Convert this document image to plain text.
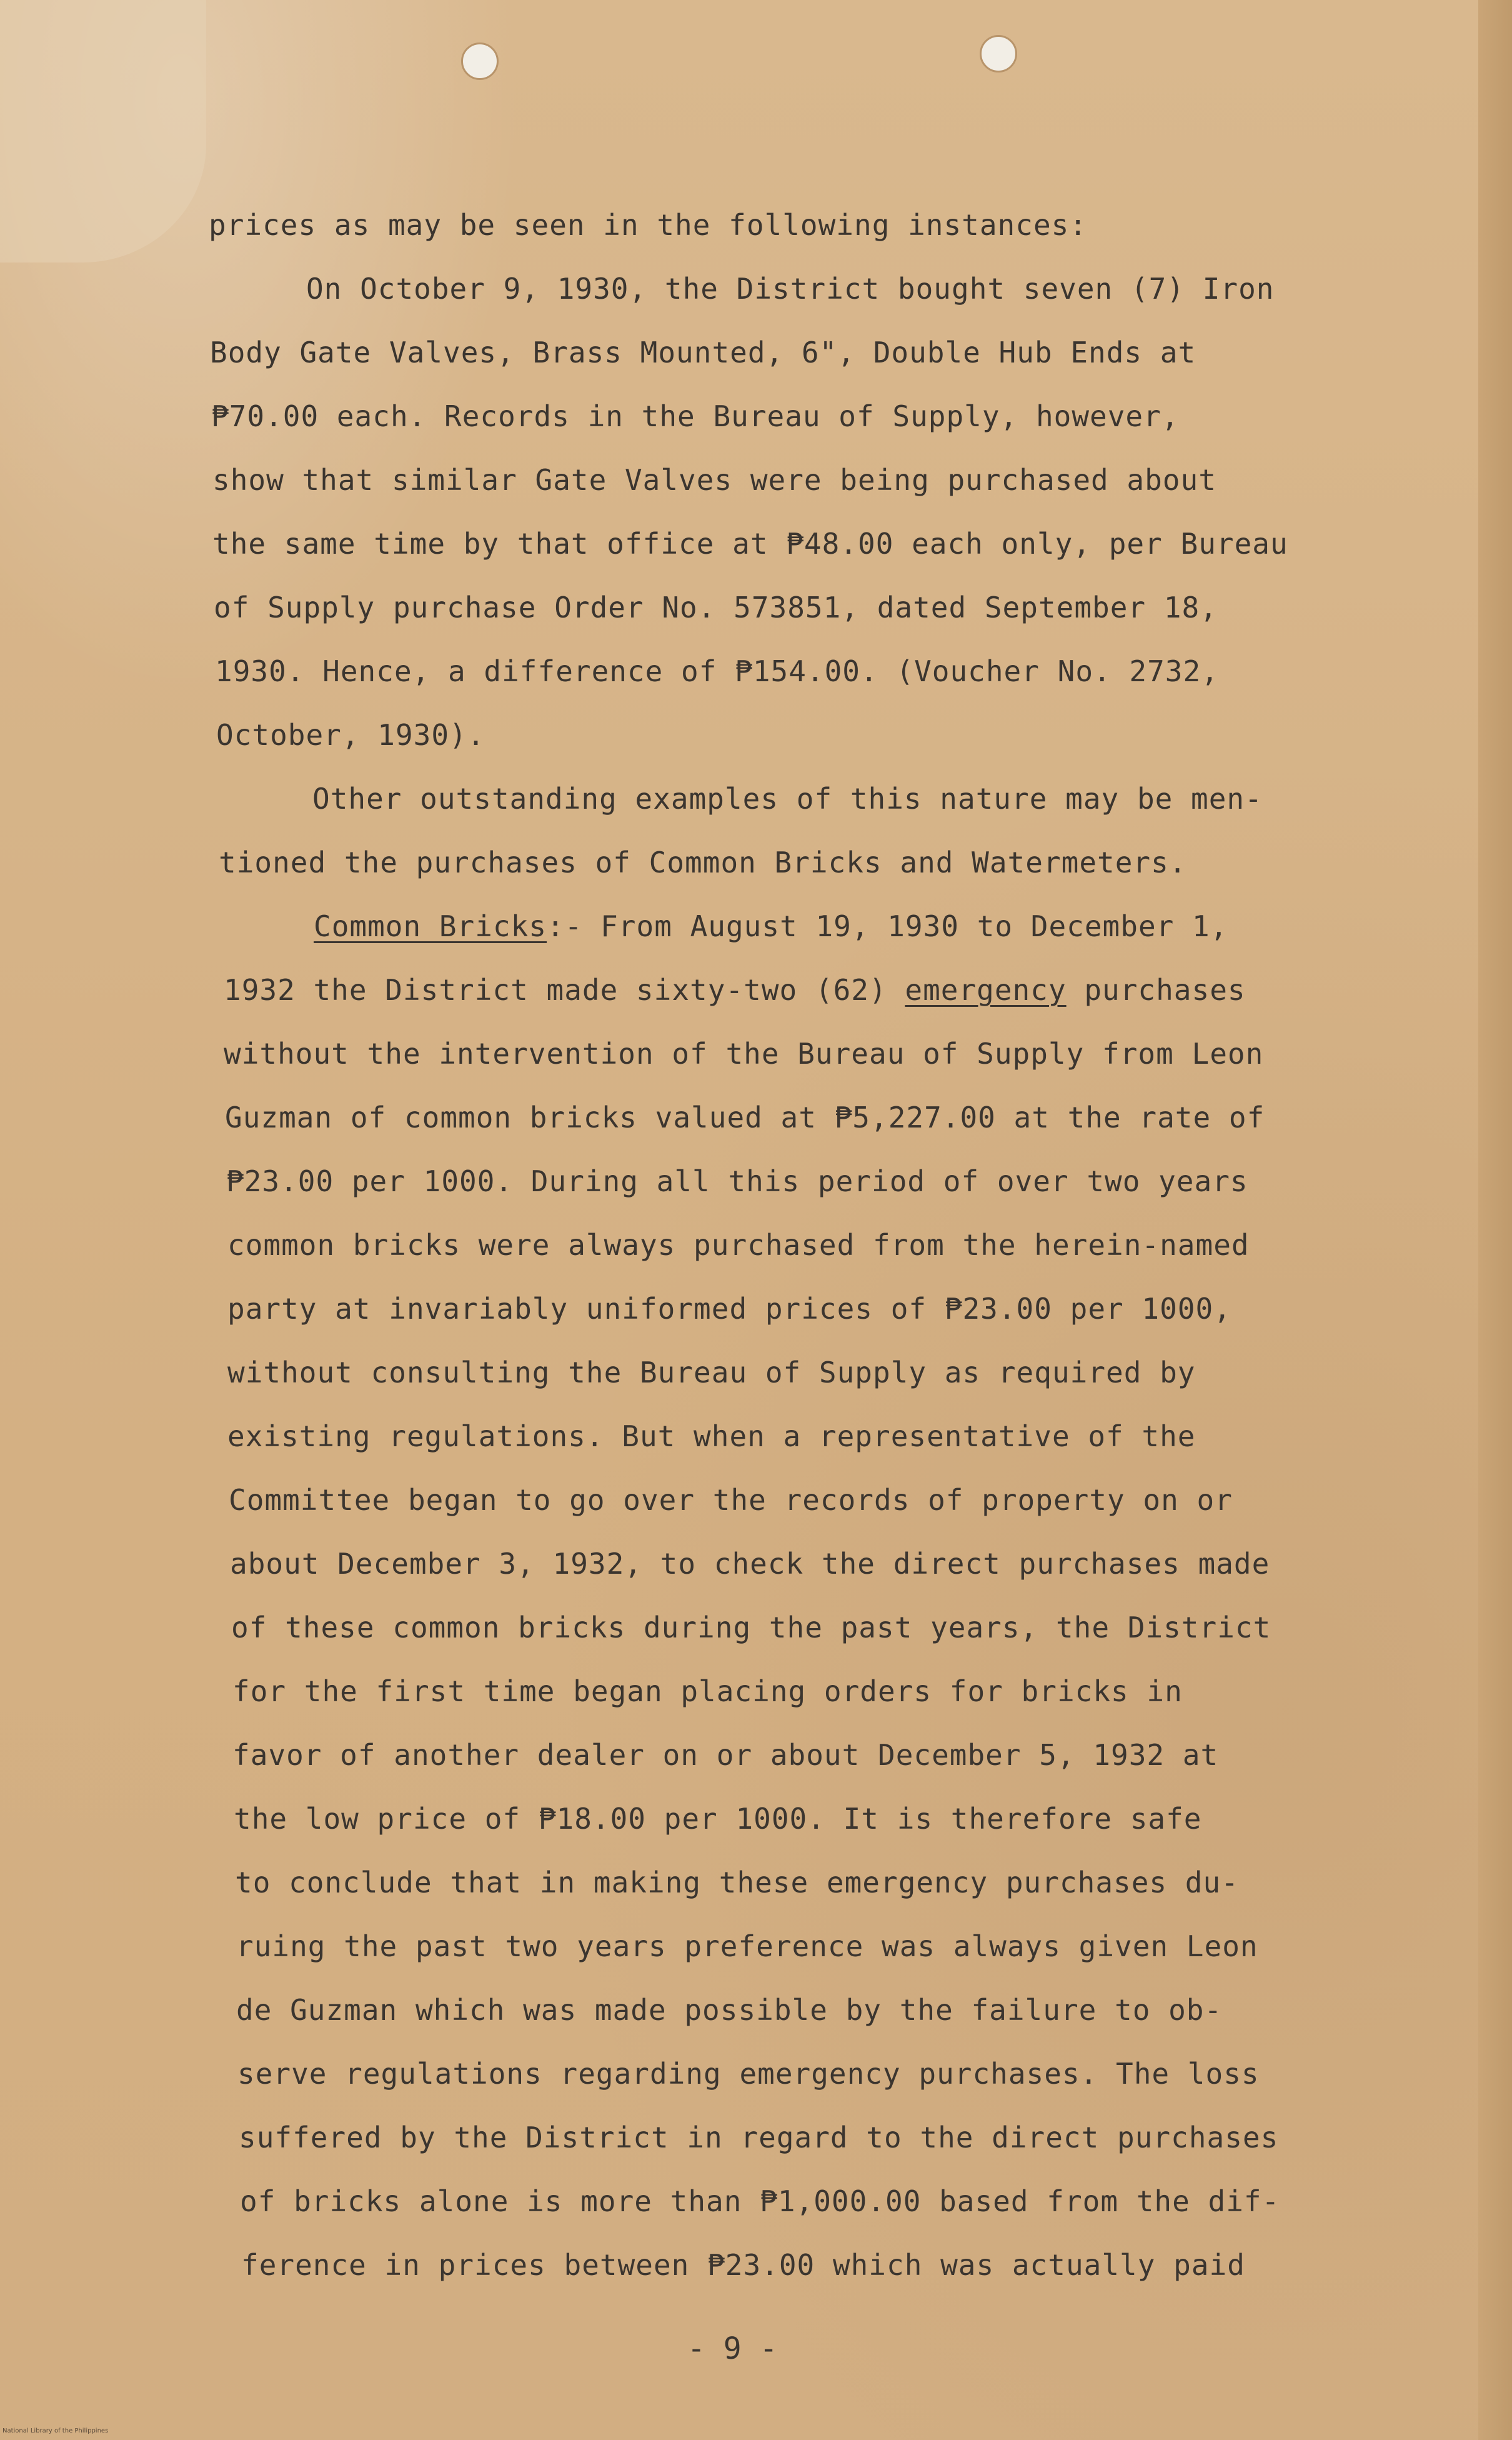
prices as may be seen in the following instances:
On October 9, 1930, the District bought seven (7) Iron
Body Gate Valves, Brass Mounted, 6", Double Hub Ends at
₱70.00 each. Records in the Bureau of Supply, however,
show that similar Gate Valves were being purchased about
the same time by that office at ₱48.00 each only, per Bureau
of Supply purchase Order No. 573851, dated September 18,
1930. Hence, a difference of ₱154.00. (Voucher No. 2732,
October, 1930).
Other outstanding examples of this nature may be men-
tioned the purchases of Common Bricks and Watermeters.
Common Bricks:- From August 19, 1930 to December 1,
1932 the District made sixty-two (62) emergency purchases
without the intervention of the Bureau of Supply from Leon
Guzman of common bricks valued at ₱5,227.00 at the rate of
₱23.00 per 1000. During all this period of over two years
common bricks were always purchased from the herein-named
party at invariably uniformed prices of ₱23.00 per 1000,
without consulting the Bureau of Supply as required by
existing regulations. But when a representative of the
Committee began to go over the records of property on or
about December 3, 1932, to check the direct purchases made
of these common bricks during the past years, the District
for the first time began placing orders for bricks in
favor of another dealer on or about December 5, 1932 at
the low price of ₱18.00 per 1000. It is therefore safe
to conclude that in making these emergency purchases du-
ruing the past two years preference was always given Leon
de Guzman which was made possible by the failure to ob-
serve regulations regarding emergency purchases. The loss
suffered by the District in regard to the direct purchases
of bricks alone is more than ₱1,000.00 based from the dif-
ference in prices between ₱23.00 which was actually paid
- 9 -
National Library of the Philippines
